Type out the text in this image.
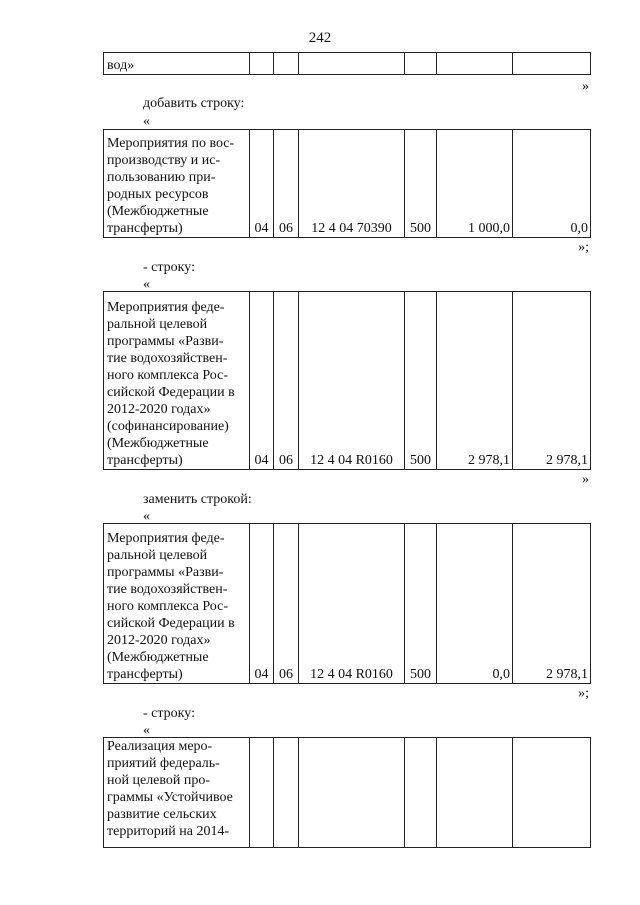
242
вод»						
»
добавить строку:
«
Мероприятия по вос-
производству и ис-
пользованию при-
родных ресурсов
(Межбюджетные
трансферты)	04	06	12 4 04 70390	500	1 000,0	0,0
»;
- строку:
«
Мероприятия феде-
ральной целевой
программы «Разви-
тие водохозяйствен-
ного комплекса Рос-
сийской Федерации в
2012-2020 годах»
(софинансирование)
(Межбюджетные
трансферты)	04	06	12 4 04 R0160	500	2 978,1	2 978,1
»
заменить строкой:
«
Мероприятия феде-
ральной целевой
программы «Разви-
тие водохозяйствен-
ного комплекса Рос-
сийской Федерации в
2012-2020 годах»
(Межбюджетные
трансферты)	04	06	12 4 04 R0160	500	0,0	2 978,1
»;
- строку:
«
Реализация меро-
приятий федераль-
ной целевой про-
граммы «Устойчивое
развитие сельских
территорий на 2014-
